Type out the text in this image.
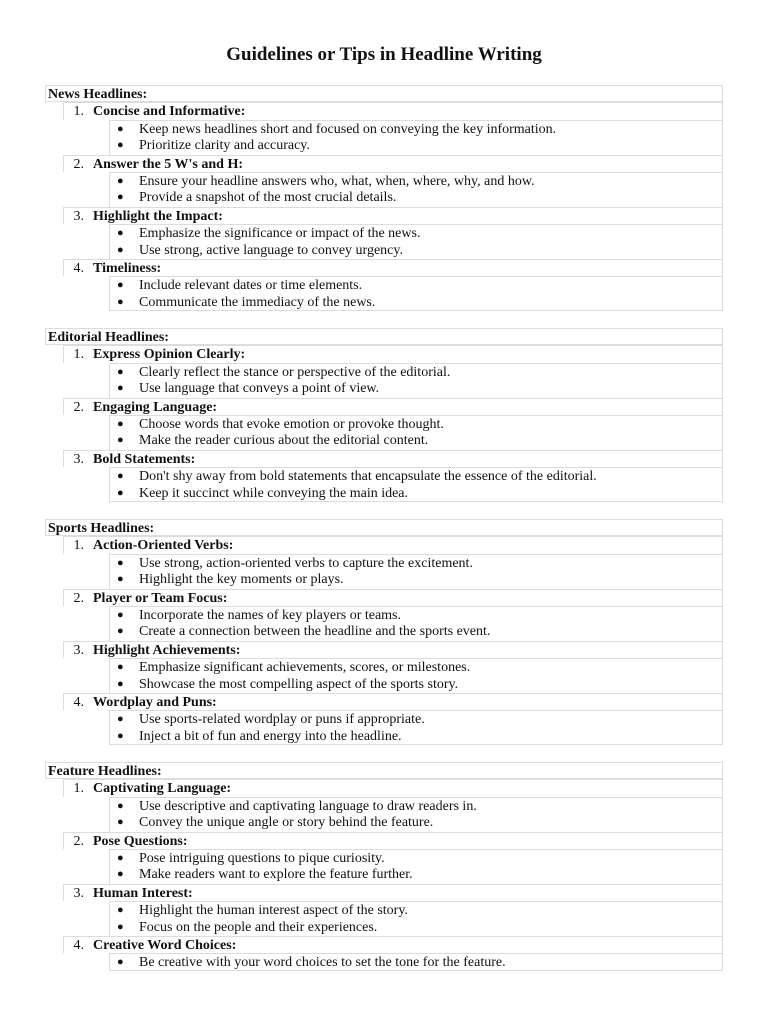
Guidelines or Tips in Headline Writing
News Headlines:
1. Concise and Informative:
● Keep news headlines short and focused on conveying the key information.
● Prioritize clarity and accuracy.
2. Answer the 5 W's and H:
● Ensure your headline answers who, what, when, where, why, and how.
● Provide a snapshot of the most crucial details.
3. Highlight the Impact:
● Emphasize the significance or impact of the news.
● Use strong, active language to convey urgency.
4. Timeliness:
● Include relevant dates or time elements.
● Communicate the immediacy of the news.
Editorial Headlines:
1. Express Opinion Clearly:
● Clearly reflect the stance or perspective of the editorial.
● Use language that conveys a point of view.
2. Engaging Language:
● Choose words that evoke emotion or provoke thought.
● Make the reader curious about the editorial content.
3. Bold Statements:
● Don't shy away from bold statements that encapsulate the essence of the editorial.
● Keep it succinct while conveying the main idea.
Sports Headlines:
1. Action-Oriented Verbs:
● Use strong, action-oriented verbs to capture the excitement.
● Highlight the key moments or plays.
2. Player or Team Focus:
● Incorporate the names of key players or teams.
● Create a connection between the headline and the sports event.
3. Highlight Achievements:
● Emphasize significant achievements, scores, or milestones.
● Showcase the most compelling aspect of the sports story.
4. Wordplay and Puns:
● Use sports-related wordplay or puns if appropriate.
● Inject a bit of fun and energy into the headline.
Feature Headlines:
1. Captivating Language:
● Use descriptive and captivating language to draw readers in.
● Convey the unique angle or story behind the feature.
2. Pose Questions:
● Pose intriguing questions to pique curiosity.
● Make readers want to explore the feature further.
3. Human Interest:
● Highlight the human interest aspect of the story.
● Focus on the people and their experiences.
4. Creative Word Choices:
● Be creative with your word choices to set the tone for the feature.
